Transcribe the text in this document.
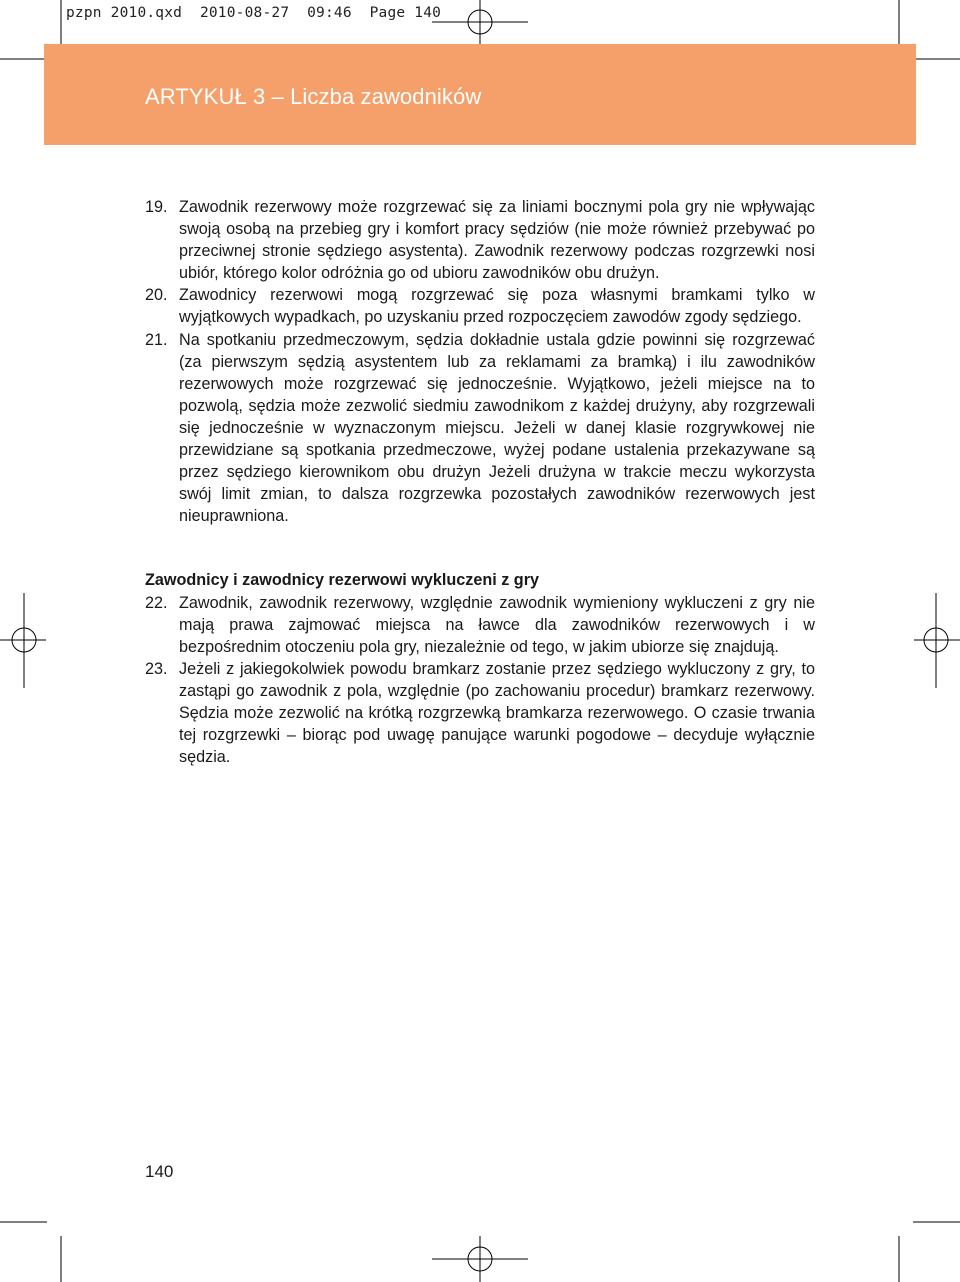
pzpn 2010.qxd  2010-08-27  09:46  Page 140
ARTYKUŁ 3 – Liczba zawodników
19. Zawodnik rezerwowy może rozgrzewać się za liniami bocznymi pola gry nie wpływając swoją osobą na przebieg gry i komfort pracy sędziów (nie może również przebywać po przeciwnej stronie sędziego asystenta). Zawodnik rezerwowy podczas rozgrzewki nosi ubiór, którego kolor odróżnia go od ubioru zawodników obu drużyn.
20. Zawodnicy rezerwowi mogą rozgrzewać się poza własnymi bramkami tylko w wyjątkowych wypadkach, po uzyskaniu przed rozpoczęciem zawodów zgody sędziego.
21. Na spotkaniu przedmeczowym, sędzia dokładnie ustala gdzie powinni się rozgrzewać (za pierwszym sędzią asystentem lub za reklamami za bramką) i ilu zawodników rezerwowych może rozgrzewać się jednocześnie. Wyjątkowo, jeżeli miejsce na to pozwolą, sędzia może zezwolić siedmiu zawodnikom z każdej drużyny, aby rozgrzewali się jednocześnie w wyznaczonym miejscu. Jeżeli w danej klasie rozgrywkowej nie przewidziane są spotkania przedmeczowe, wyżej podane ustalenia przekazywane są przez sędziego kierownikom obu drużyn Jeżeli drużyna w trakcie meczu wykorzysta swój limit zmian, to dalsza rozgrzewka pozostałych zawodników rezerwowych jest nieuprawniona.
Zawodnicy i zawodnicy rezerwowi wykluczeni z gry
22. Zawodnik, zawodnik rezerwowy, względnie zawodnik wymieniony wykluczeni z gry nie mają prawa zajmować miejsca na ławce dla zawodników rezerwowych i w bezpośrednim otoczeniu pola gry, niezależnie od tego, w jakim ubiorze się znajdują.
23. Jeżeli z jakiegokolwiek powodu bramkarz zostanie przez sędziego wykluczony z gry, to zastąpi go zawodnik z pola, względnie (po zachowaniu procedur) bramkarz rezerwowy. Sędzia może zezwolić na krótką rozgrzewką bramkarza rezerwowego. O czasie trwania tej rozgrzewki – biorąc pod uwagę panujące warunki pogodowe – decyduje wyłącznie sędzia.
140
